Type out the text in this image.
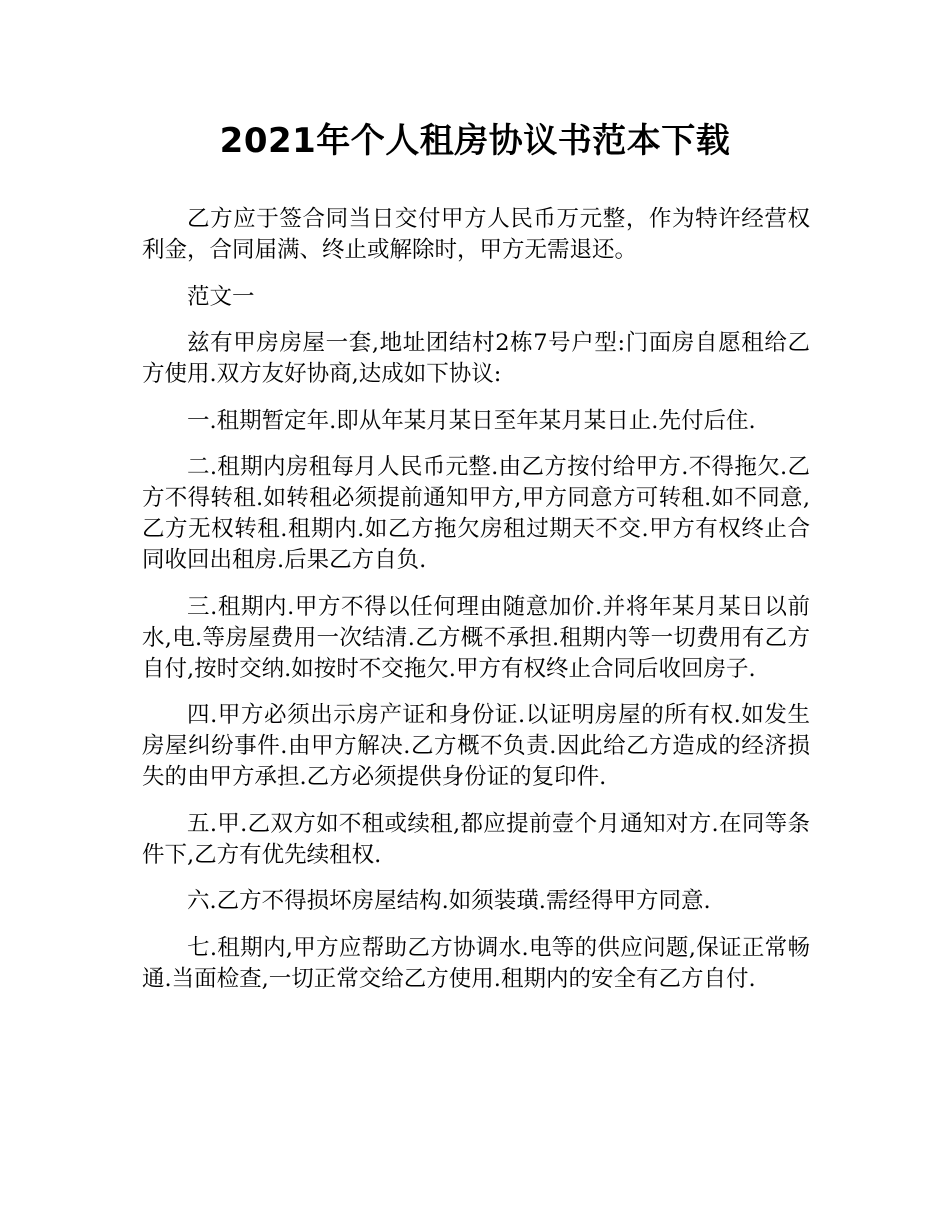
2021年个人租房协议书范本下载

乙方应于签合同当日交付甲方人民币万元整，作为特许经营权利金，合同届满、终止或解除时，甲方无需退还。

范文一

兹有甲房房屋一套,地址团结村2栋7号户型:门面房自愿租给乙方使用.双方友好协商,达成如下协议:

一.租期暂定年.即从年某月某日至年某月某日止.先付后住.

二.租期内房租每月人民币元整.由乙方按付给甲方.不得拖欠.乙方不得转租.如转租必须提前通知甲方,甲方同意方可转租.如不同意,乙方无权转租.租期内.如乙方拖欠房租过期天不交.甲方有权终止合同收回出租房.后果乙方自负.

三.租期内.甲方不得以任何理由随意加价.并将年某月某日以前水,电.等房屋费用一次结清.乙方概不承担.租期内等一切费用有乙方自付,按时交纳.如按时不交拖欠.甲方有权终止合同后收回房子.

四.甲方必须出示房产证和身份证.以证明房屋的所有权.如发生房屋纠纷事件.由甲方解决.乙方概不负责.因此给乙方造成的经济损失的由甲方承担.乙方必须提供身份证的复印件.

五.甲.乙双方如不租或续租,都应提前壹个月通知对方.在同等条件下,乙方有优先续租权.

六.乙方不得损坏房屋结构.如须装璜.需经得甲方同意.

七.租期内,甲方应帮助乙方协调水.电等的供应问题,保证正常畅通.当面检查,一切正常交给乙方使用.租期内的安全有乙方自付.
